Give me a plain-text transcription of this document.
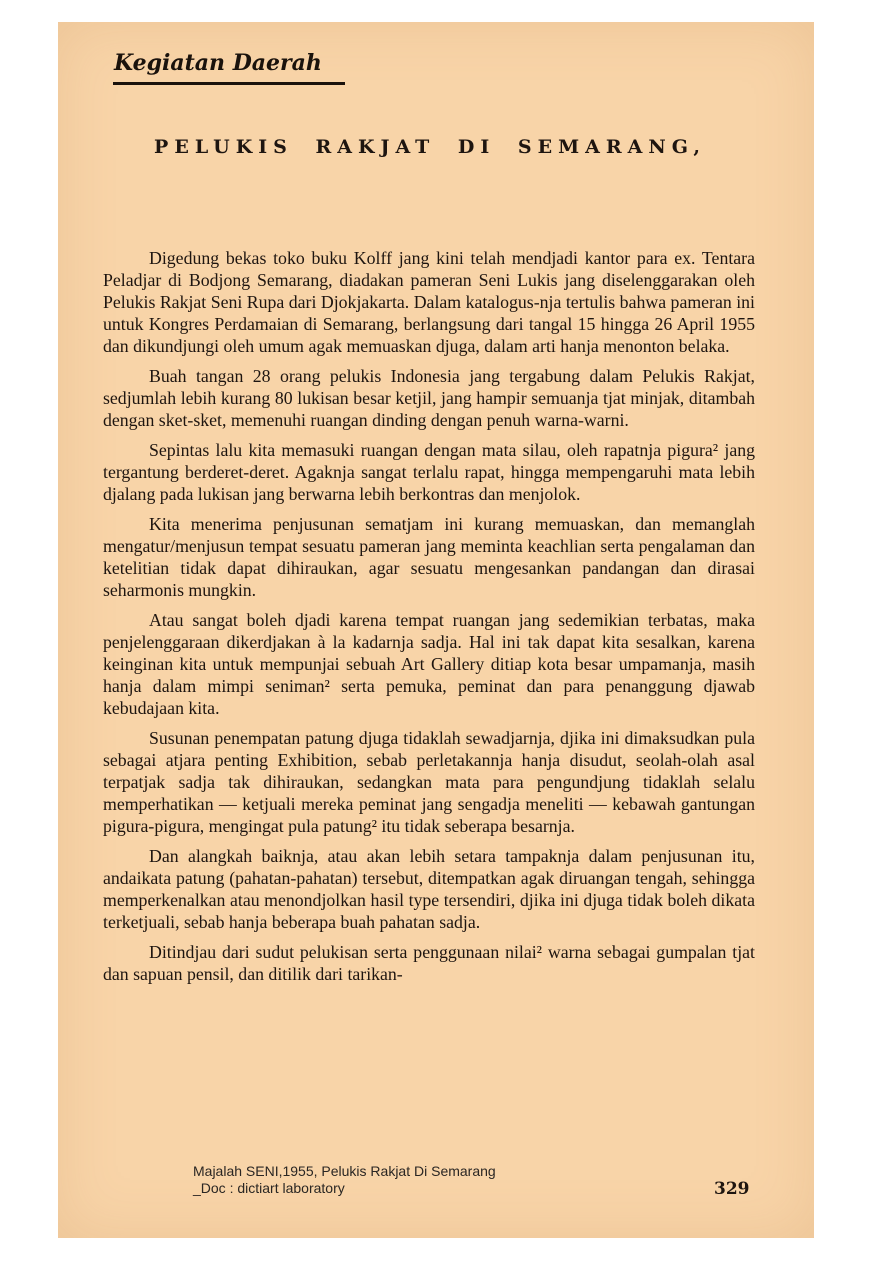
Kegiatan Daerah
PELUKIS RAKJAT DI SEMARANG,

Digedung bekas toko buku Kolff jang kini telah mendjadi kantor para ex. Tentara Peladjar di Bodjong Semarang, diadakan pameran Seni Lukis jang diselenggarakan oleh Pelukis Rakjat Seni Rupa dari Djokjakarta. Dalam katalogus-nja tertulis bahwa pameran ini untuk Kongres Perdamaian di Semarang, berlangsung dari tangal 15 hingga 26 April 1955 dan dikundjungi oleh umum agak memuaskan djuga, dalam arti hanja menonton belaka.

Buah tangan 28 orang pelukis Indonesia jang tergabung dalam Pelukis Rakjat, sedjumlah lebih kurang 80 lukisan besar ketjil, jang hampir semuanja tjat minjak, ditambah dengan sket-sket, memenuhi ruangan dinding dengan penuh warna-warni.

Sepintas lalu kita memasuki ruangan dengan mata silau, oleh rapatnja pigura² jang tergantung berderet-deret. Agaknja sangat terlalu rapat, hingga mempengaruhi mata lebih djalang pada lukisan jang berwarna lebih berkontras dan menjolok.

Kita menerima penjusunan sematjam ini kurang memuaskan, dan memanglah mengatur/menjusun tempat sesuatu pameran jang meminta keachlian serta pengalaman dan ketelitian tidak dapat dihiraukan, agar sesuatu mengesankan pandangan dan dirasai seharmonis mungkin.

Atau sangat boleh djadi karena tempat ruangan jang sedemikian terbatas, maka penjelenggaraan dikerdjakan à la kadarnja sadja. Hal ini tak dapat kita sesalkan, karena keinginan kita untuk mempunjai sebuah Art Gallery ditiap kota besar umpamanja, masih hanja dalam mimpi seniman² serta pemuka, peminat dan para penanggung djawab kebudajaan kita.

Susunan penempatan patung djuga tidaklah sewadjarnja, djika ini dimaksudkan pula sebagai atjara penting Exhibition, sebab perletakannja hanja disudut, seolah-olah asal terpatjak sadja tak dihiraukan, sedangkan mata para pengundjung tidaklah selalu memperhatikan — ketjuali mereka peminat jang sengadja meneliti — kebawah gantungan pigura-pigura, mengingat pula patung² itu tidak seberapa besarnja.

Dan alangkah baiknja, atau akan lebih setara tampaknja dalam penjusunan itu, andaikata patung (pahatan-pahatan) tersebut, ditempatkan agak diruangan tengah, sehingga memperkenalkan atau menondjolkan hasil type tersendiri, djika ini djuga tidak boleh dikata terketjuali, sebab hanja beberapa buah pahatan sadja.

Ditindjau dari sudut pelukisan serta penggunaan nilai² warna sebagai gumpalan tjat dan sapuan pensil, dan ditilik dari tarikan-

329
Majalah SENI,1955, Pelukis Rakjat Di Semarang
_Doc : dictiart laboratory
